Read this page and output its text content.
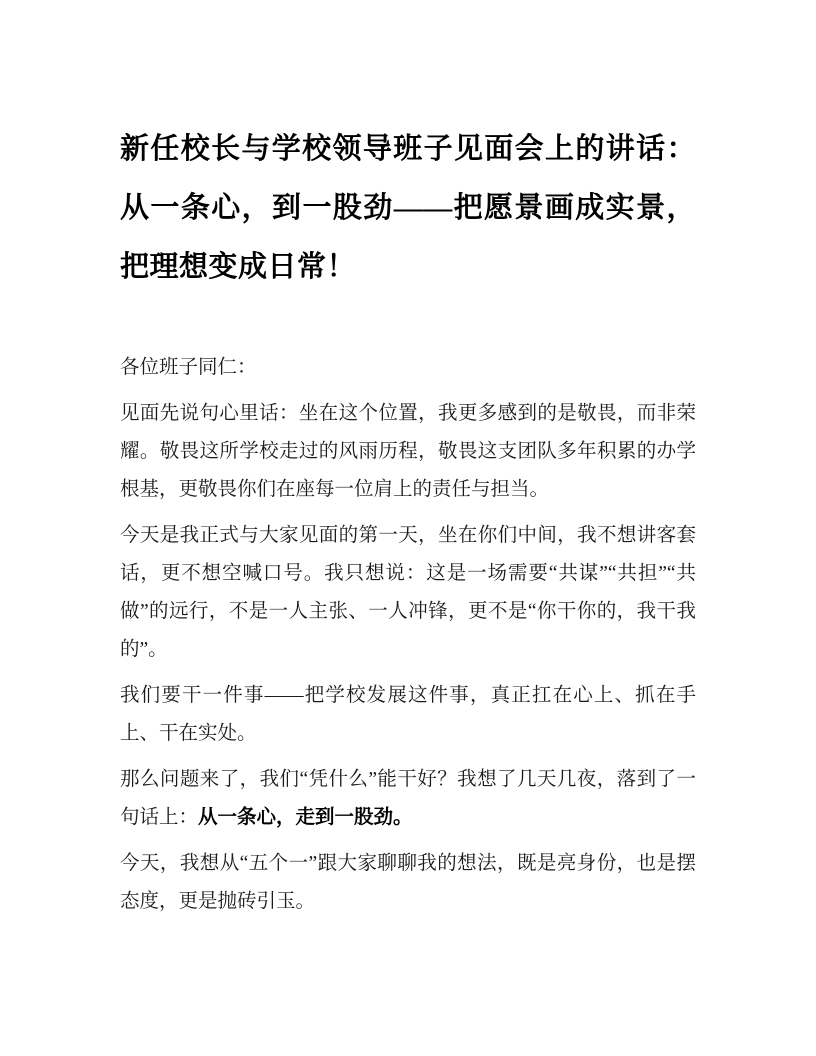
新任校长与学校领导班子见面会上的讲话：从一条心，到一股劲——把愿景画成实景，把理想变成日常！

各位班子同仁：

见面先说句心里话：坐在这个位置，我更多感到的是敬畏，而非荣耀。敬畏这所学校走过的风雨历程，敬畏这支团队多年积累的办学根基，更敬畏你们在座每一位肩上的责任与担当。

今天是我正式与大家见面的第一天，坐在你们中间，我不想讲客套话，更不想空喊口号。我只想说：这是一场需要“共谋”“共担”“共做”的远行，不是一人主张、一人冲锋，更不是“你干你的，我干我的”。

我们要干一件事——把学校发展这件事，真正扛在心上、抓在手上、干在实处。

那么问题来了，我们“凭什么”能干好？我想了几天几夜，落到了一句话上：从一条心，走到一股劲。

今天，我想从“五个一”跟大家聊聊我的想法，既是亮身份，也是摆态度，更是抛砖引玉。
